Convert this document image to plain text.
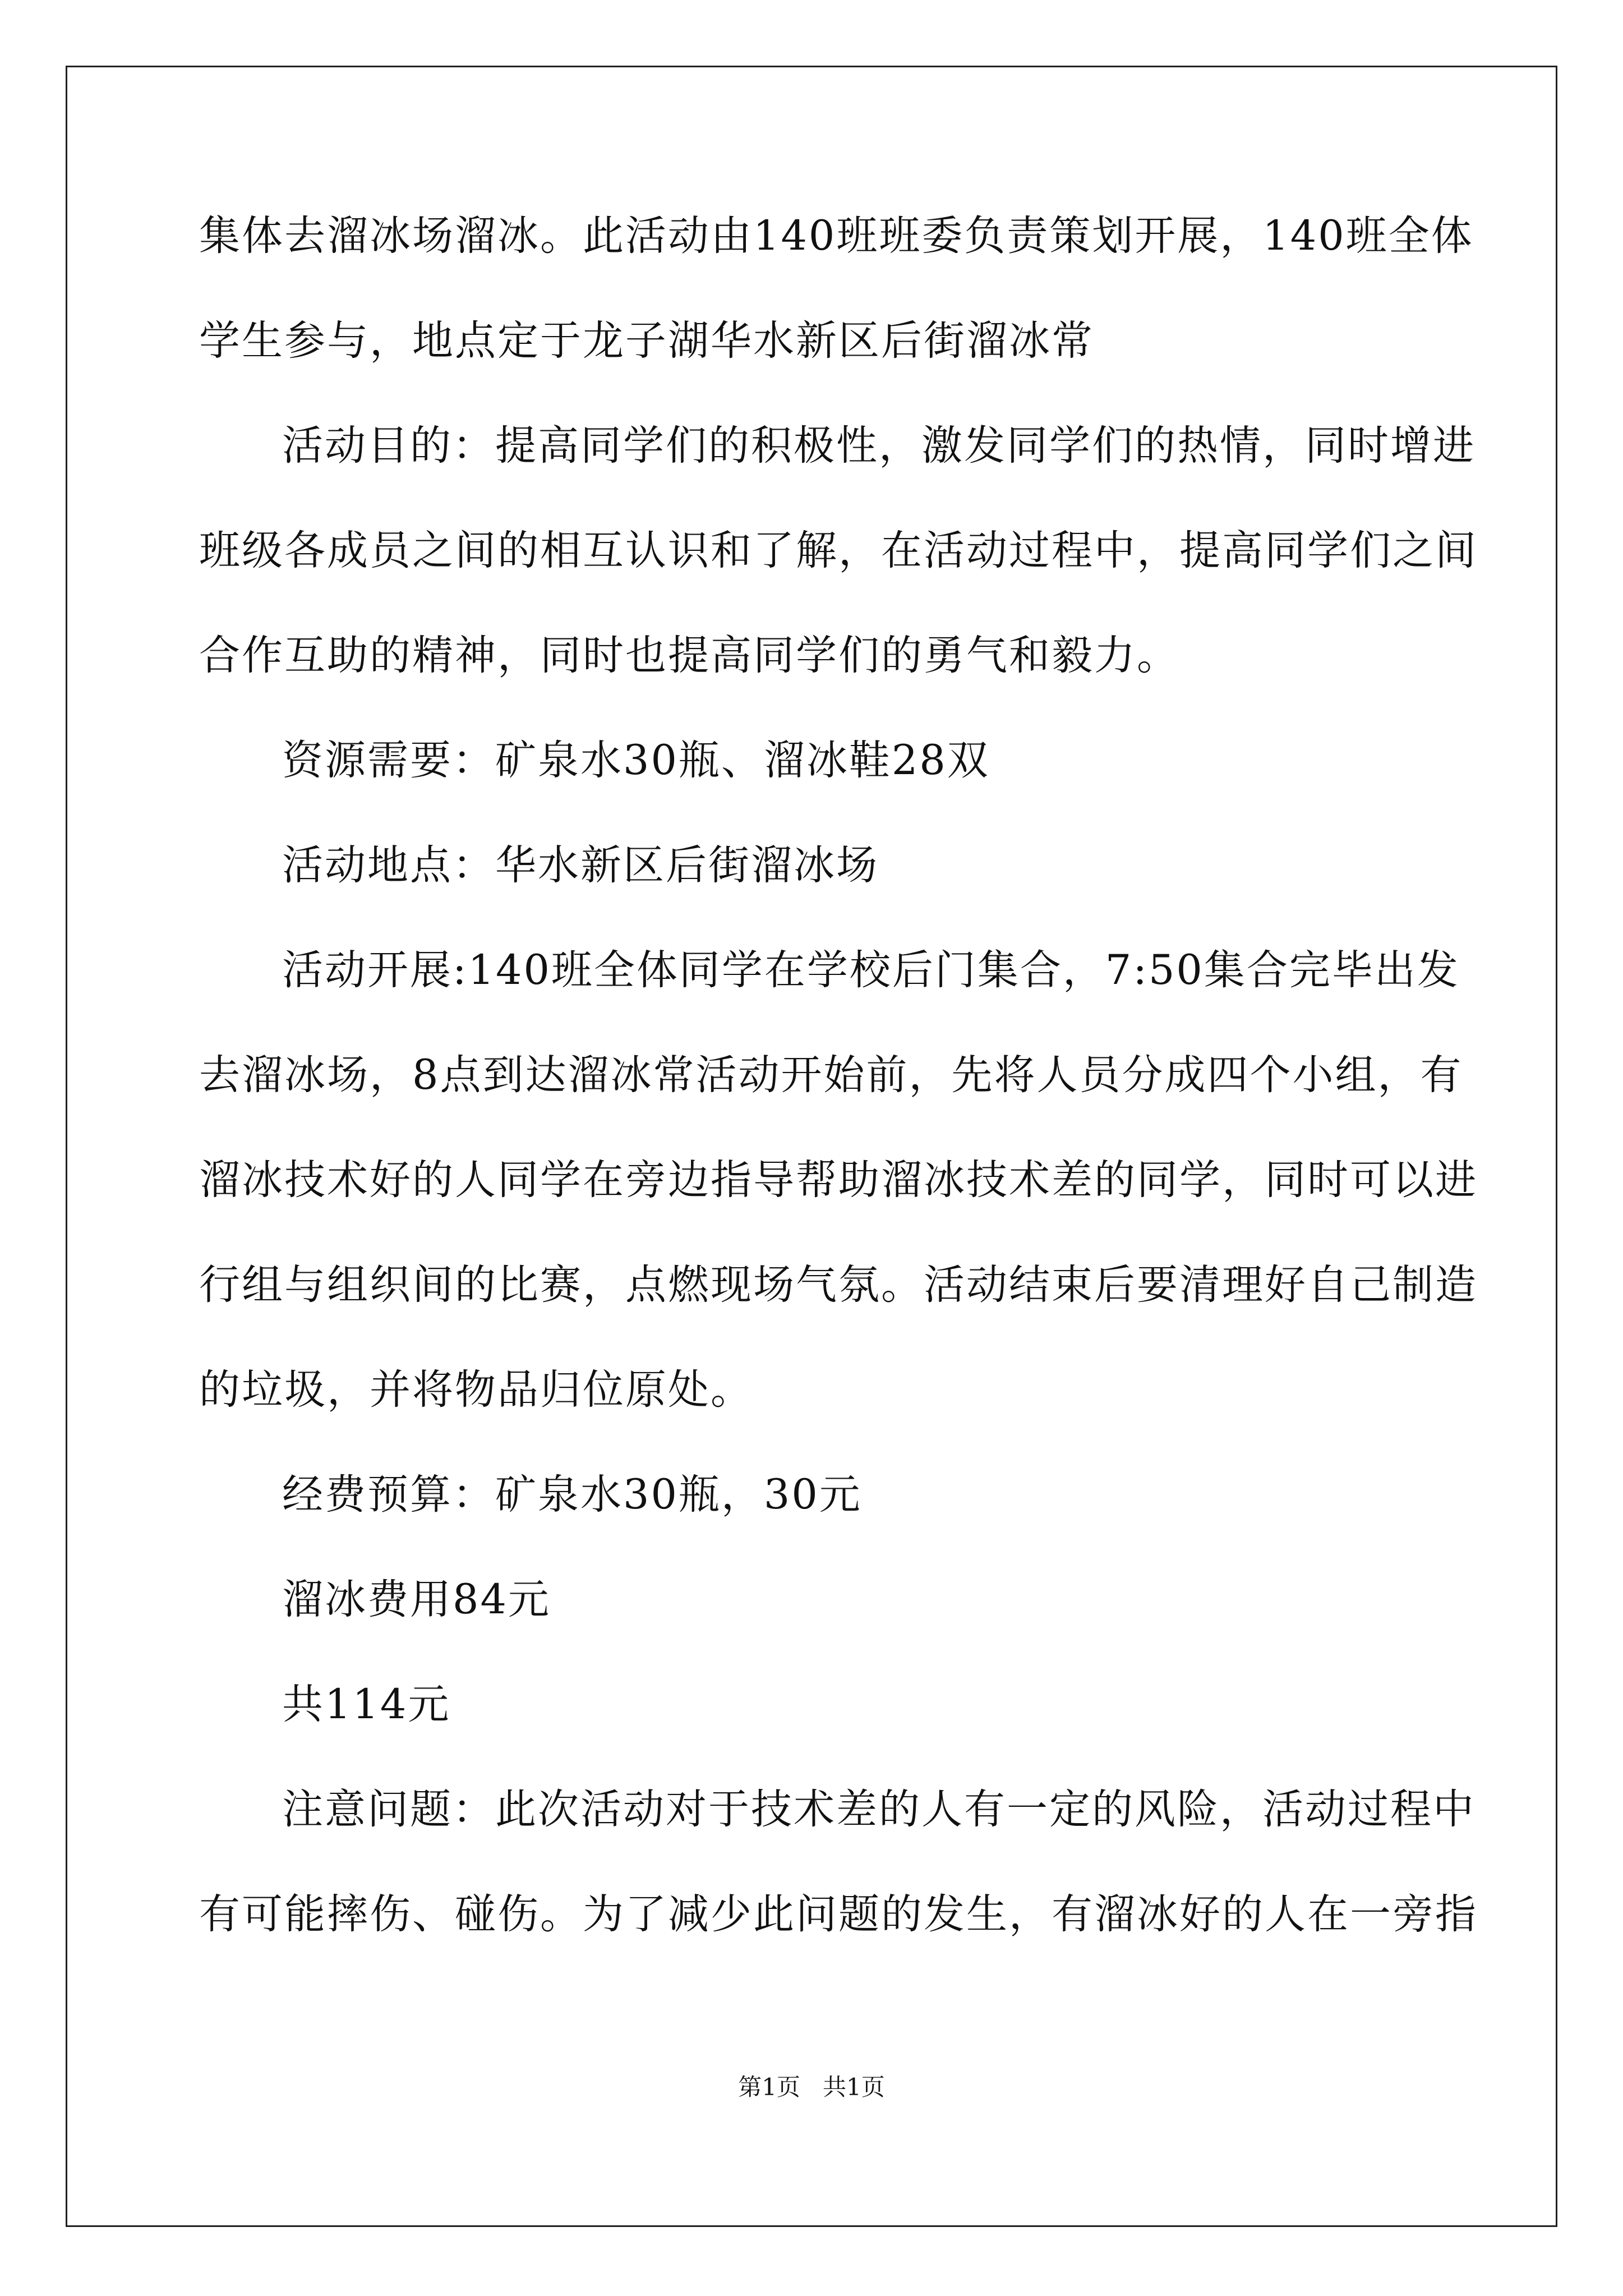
集体去溜冰场溜冰。此活动由140班班委负责策划开展，140班全体
学生参与，地点定于龙子湖华水新区后街溜冰常
活动目的：提高同学们的积极性，激发同学们的热情，同时增进
班级各成员之间的相互认识和了解，在活动过程中，提高同学们之间
合作互助的精神，同时也提高同学们的勇气和毅力。
资源需要：矿泉水30瓶、溜冰鞋28双
活动地点：华水新区后街溜冰场
活动开展:140班全体同学在学校后门集合，7:50集合完毕出发
去溜冰场，8点到达溜冰常活动开始前，先将人员分成四个小组，有
溜冰技术好的人同学在旁边指导帮助溜冰技术差的同学，同时可以进
行组与组织间的比赛，点燃现场气氛。活动结束后要清理好自己制造
的垃圾，并将物品归位原处。
经费预算：矿泉水30瓶，30元
溜冰费用84元
共114元
注意问题：此次活动对于技术差的人有一定的风险，活动过程中
有可能摔伤、碰伤。为了减少此问题的发生，有溜冰好的人在一旁指
第1页   共1页
